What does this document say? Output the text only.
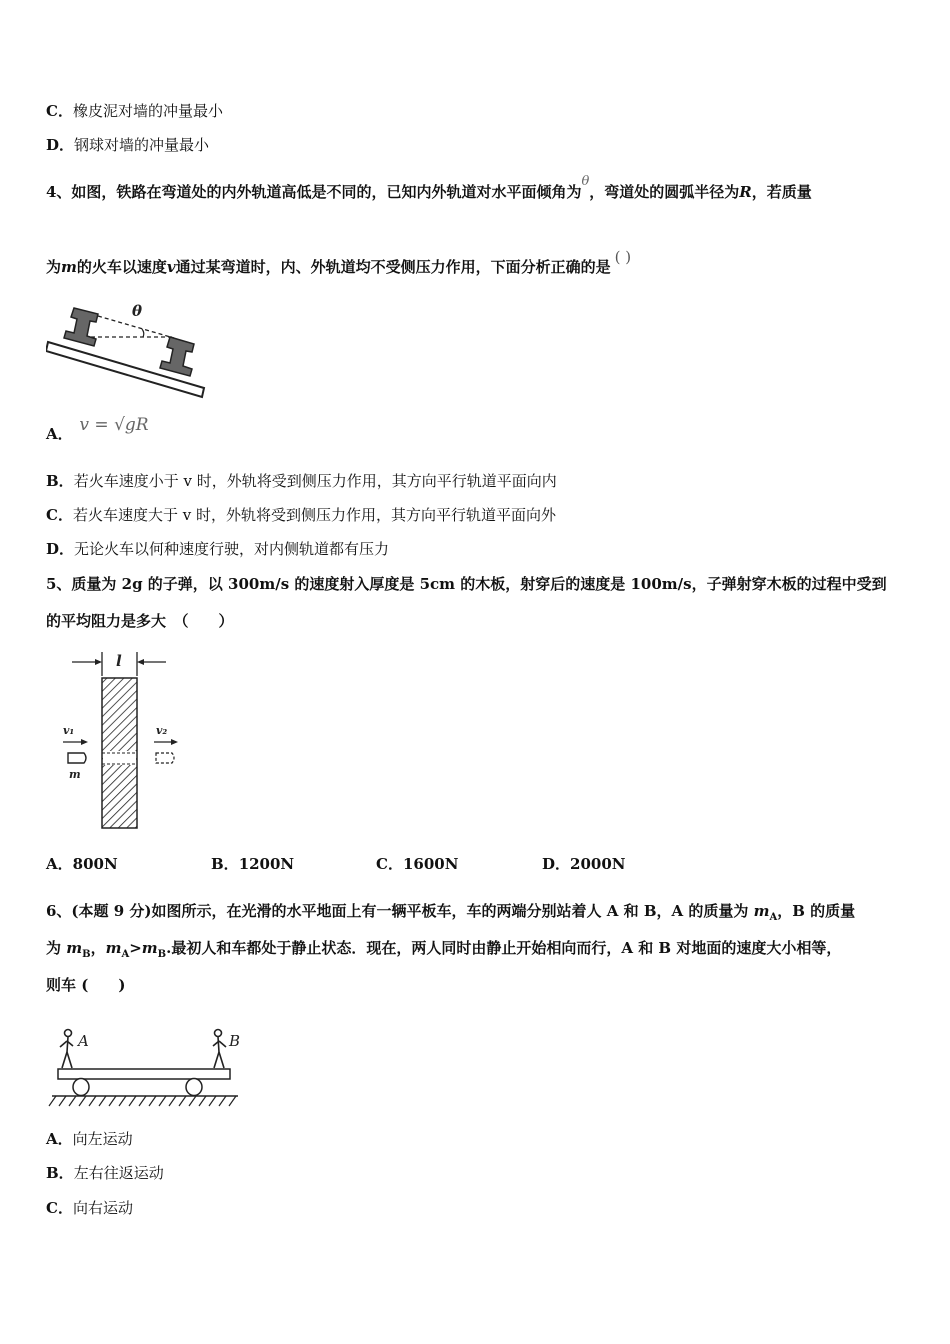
C．橡皮泥对墙的冲量最小
D．钢球对墙的冲量最小
4、如图，铁路在弯道处的内外轨道高低是不同的，已知内外轨道对水平面倾角为θ，弯道处的圆弧半径为R，若质量
为m的火车以速度v通过某弯道时，内、外轨道均不受侧压力作用，下面分析正确的是( )
θ
A． v = √gR
B．若火车速度小于 v 时，外轨将受到侧压力作用，其方向平行轨道平面向内
C．若火车速度大于 v 时，外轨将受到侧压力作用，其方向平行轨道平面向外
D．无论火车以何种速度行驶，对内侧轨道都有压力
5、质量为 2g 的子弹，以 300m/s 的速度射入厚度是 5cm 的木板，射穿后的速度是 100m/s，子弹射穿木板的过程中受到
的平均阻力是多大　（　　）
l
v₁
m
v₂
A．800N	B．1200N	C．1600N	D．2000N
6、(本题 9 分)如图所示，在光滑的水平地面上有一辆平板车，车的两端分别站着人 A 和 B，A 的质量为 $m_A$，B 的质量
为 $m_B$，$m_A>m_B$.最初人和车都处于静止状态．现在，两人同时由静止开始相向而行，A 和 B 对地面的速度大小相等，
则车 (　　)
A	B
A．向左运动
B．左右往返运动
C．向右运动
